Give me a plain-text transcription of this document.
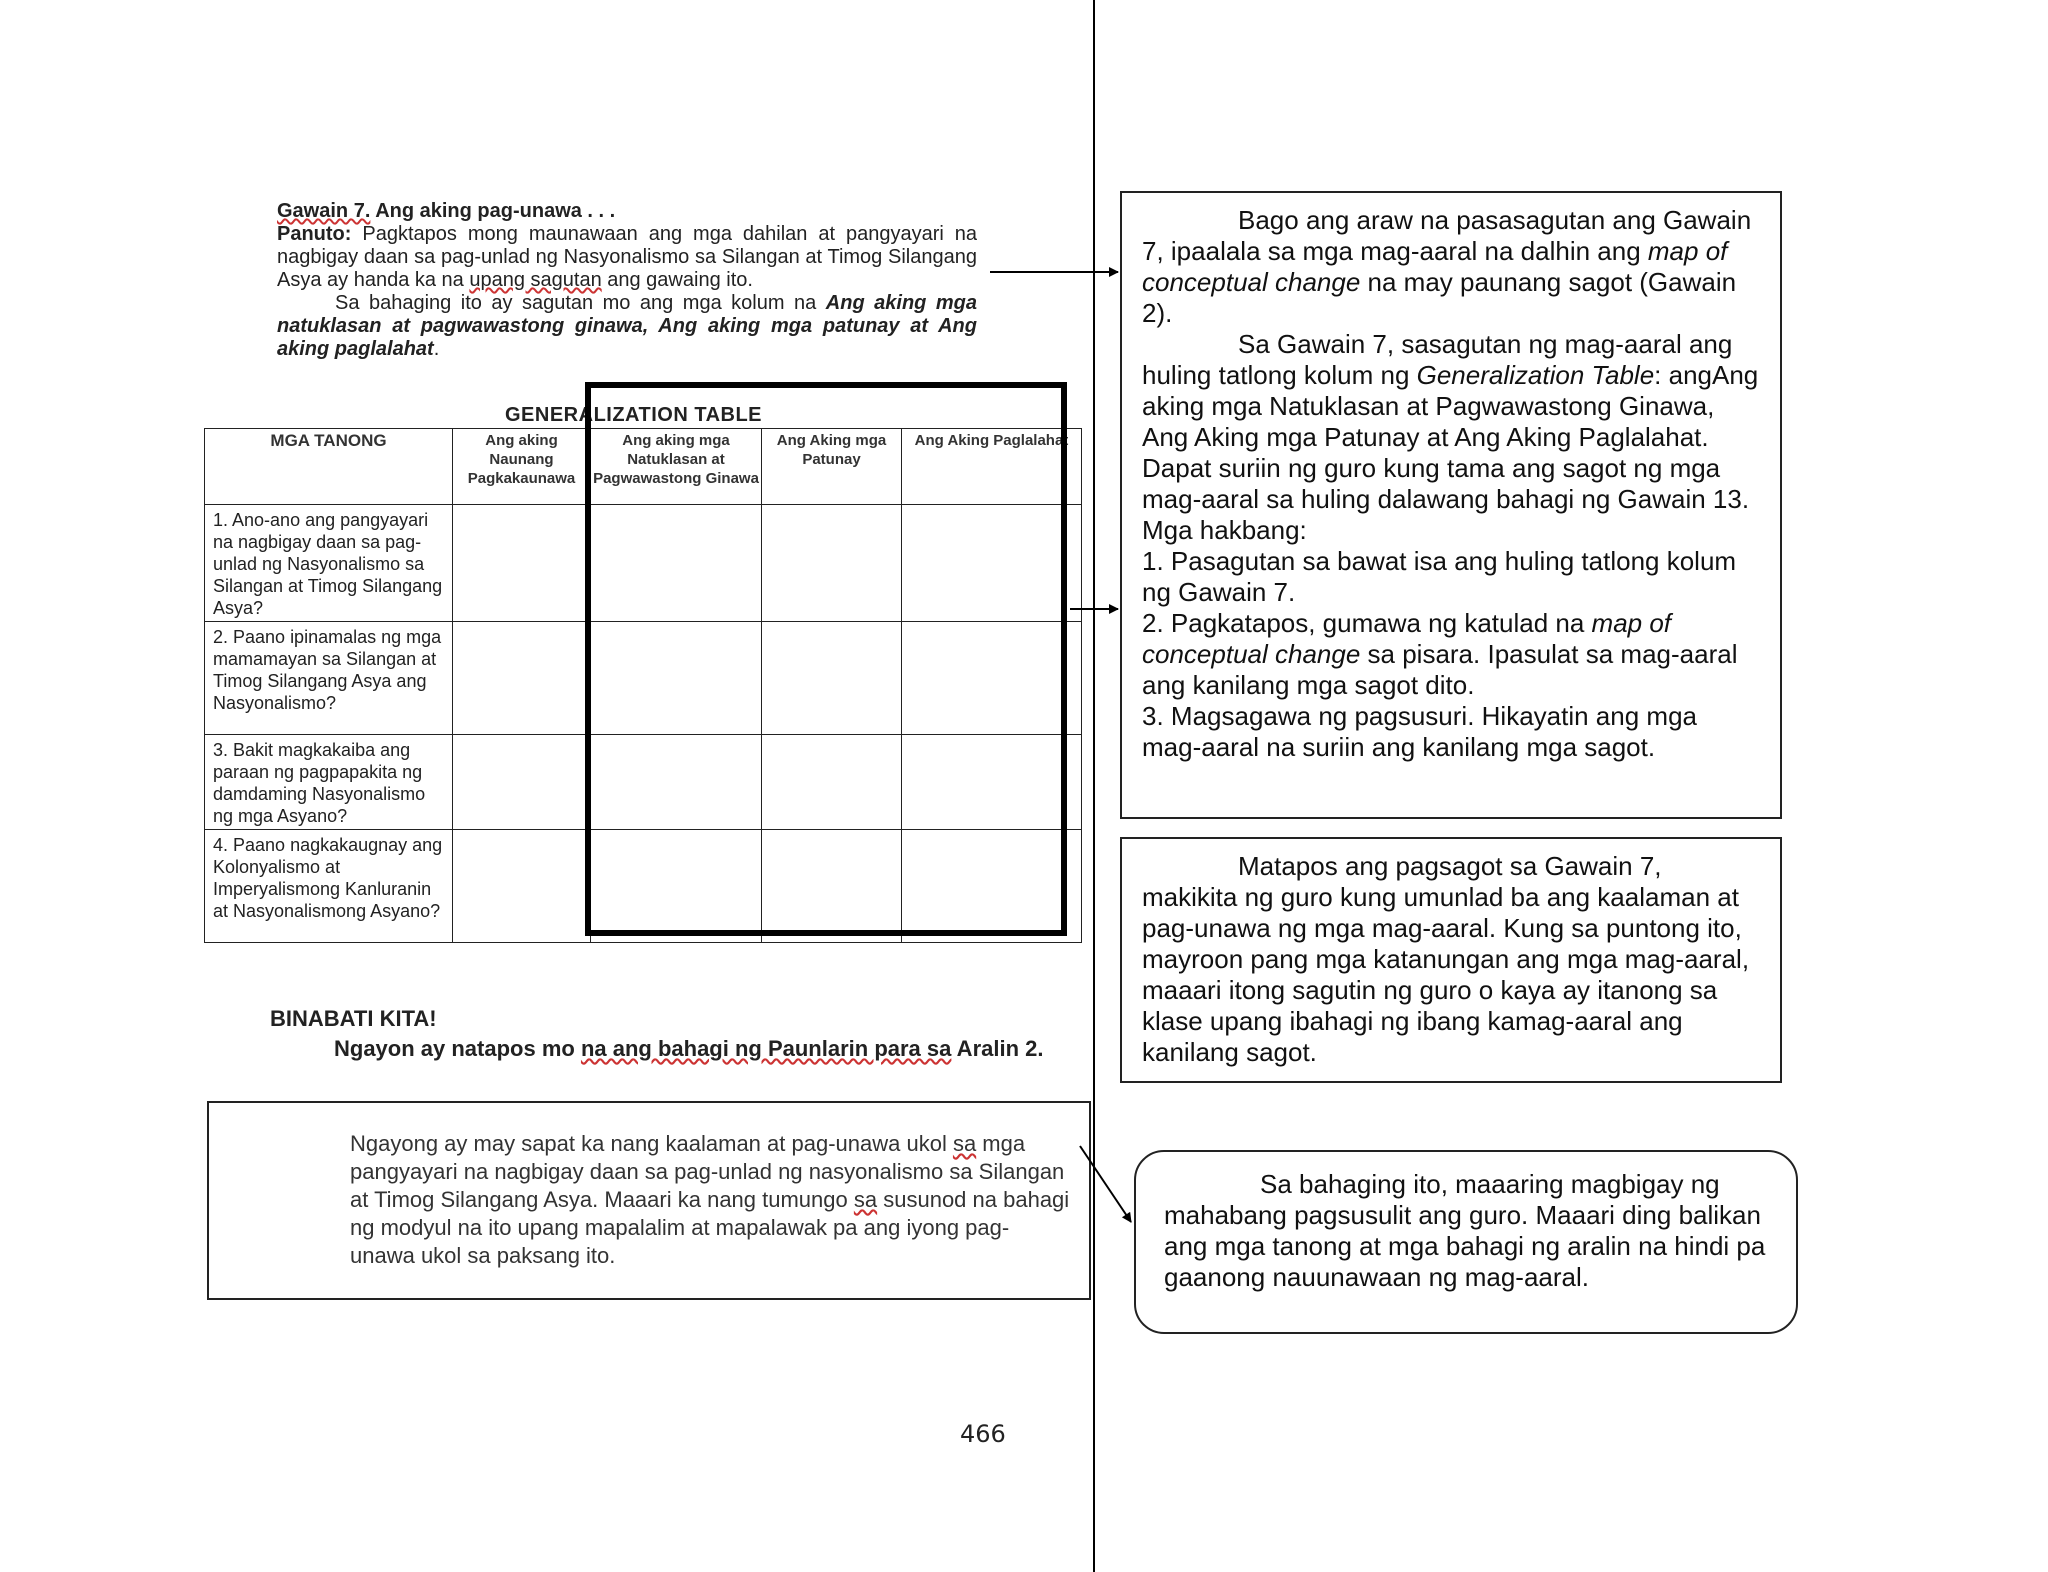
Gawain 7. Ang aking pag-unawa . . .

Panuto: Pagktapos mong maunawaan ang mga dahilan at pangyayari na nagbigay daan sa pag-unlad ng Nasyonalismo sa Silangan at Timog Silangang Asya ay handa ka na upang sagutan ang gawaing ito.

Sa bahaging ito ay sagutan mo ang mga kolum na Ang aking mga natuklasan at pagwawastong ginawa, Ang aking mga patunay at Ang aking paglalahat.

GENERALIZATION TABLE
MGA TANONG	Ang aking Naunang Pagkakaunawa	Ang aking mga Natuklasan at Pagwawastong Ginawa	Ang Aking mga Patunay	Ang Aking Paglalahat
1. Ano-ano ang pangyayari na nagbigay daan sa pag-unlad ng Nasyonalismo sa Silangan at Timog Silangang Asya?				
2. Paano ipinamalas ng mga mamamayan sa Silangan at Timog Silangang Asya ang Nasyonalismo?				
3. Bakit magkakaiba ang paraan ng pagpapakita ng damdaming Nasyonalismo ng mga Asyano?				
4. Paano nagkakaugnay ang Kolonyalismo at Imperyalismong Kanluranin at Nasyonalismong Asyano?				
BINABATI KITA!
Ngayon ay natapos mo na ang bahagi ng Paunlarin para sa Aralin 2.
Ngayong ay may sapat ka nang kaalaman at pag-unawa ukol sa mga pangyayari na nagbigay daan sa pag-unlad ng nasyonalismo sa Silangan at Timog Silangang Asya. Maaari ka nang tumungo sa susunod na bahagi ng modyul na ito upang mapalalim at mapalawak pa ang iyong pag-unawa ukol sa paksang ito.
466

Bago ang araw na pasasagutan ang Gawain 7, ipaalala sa mga mag-aaral na dalhin ang map of conceptual change na may paunang sagot (Gawain 2).

Sa Gawain 7, sasagutan ng mag-aaral ang huling tatlong kolum ng Generalization Table: angAng aking mga Natuklasan at Pagwawastong Ginawa, Ang Aking mga Patunay at Ang Aking Paglalahat.       Dapat suriin ng guro kung tama ang sagot ng mga mag-aaral sa huling dalawang bahagi ng Gawain 13.

Mga hakbang:

1. Pasagutan sa bawat isa ang huling tatlong kolum ng Gawain 7.

2. Pagkatapos, gumawa ng katulad na map of conceptual change sa pisara. Ipasulat sa mag-aaral ang kanilang mga sagot dito.

3. Magsagawa ng pagsusuri. Hikayatin ang mga mag-aaral na suriin ang kanilang mga sagot.

Matapos ang pagsagot sa Gawain 7, makikita ng guro kung umunlad ba ang kaalaman at pag-unawa ng mga mag-aaral. Kung sa puntong ito, mayroon pang mga katanungan ang mga mag-aaral, maaari itong sagutin ng guro o kaya ay itanong sa klase upang ibahagi ng ibang kamag-aaral ang kanilang sagot.

Sa bahaging ito, maaaring magbigay ng mahabang pagsusulit ang guro. Maaari ding balikan ang mga tanong at mga bahagi ng aralin na hindi pa gaanong nauunawaan ng mag-aaral.
